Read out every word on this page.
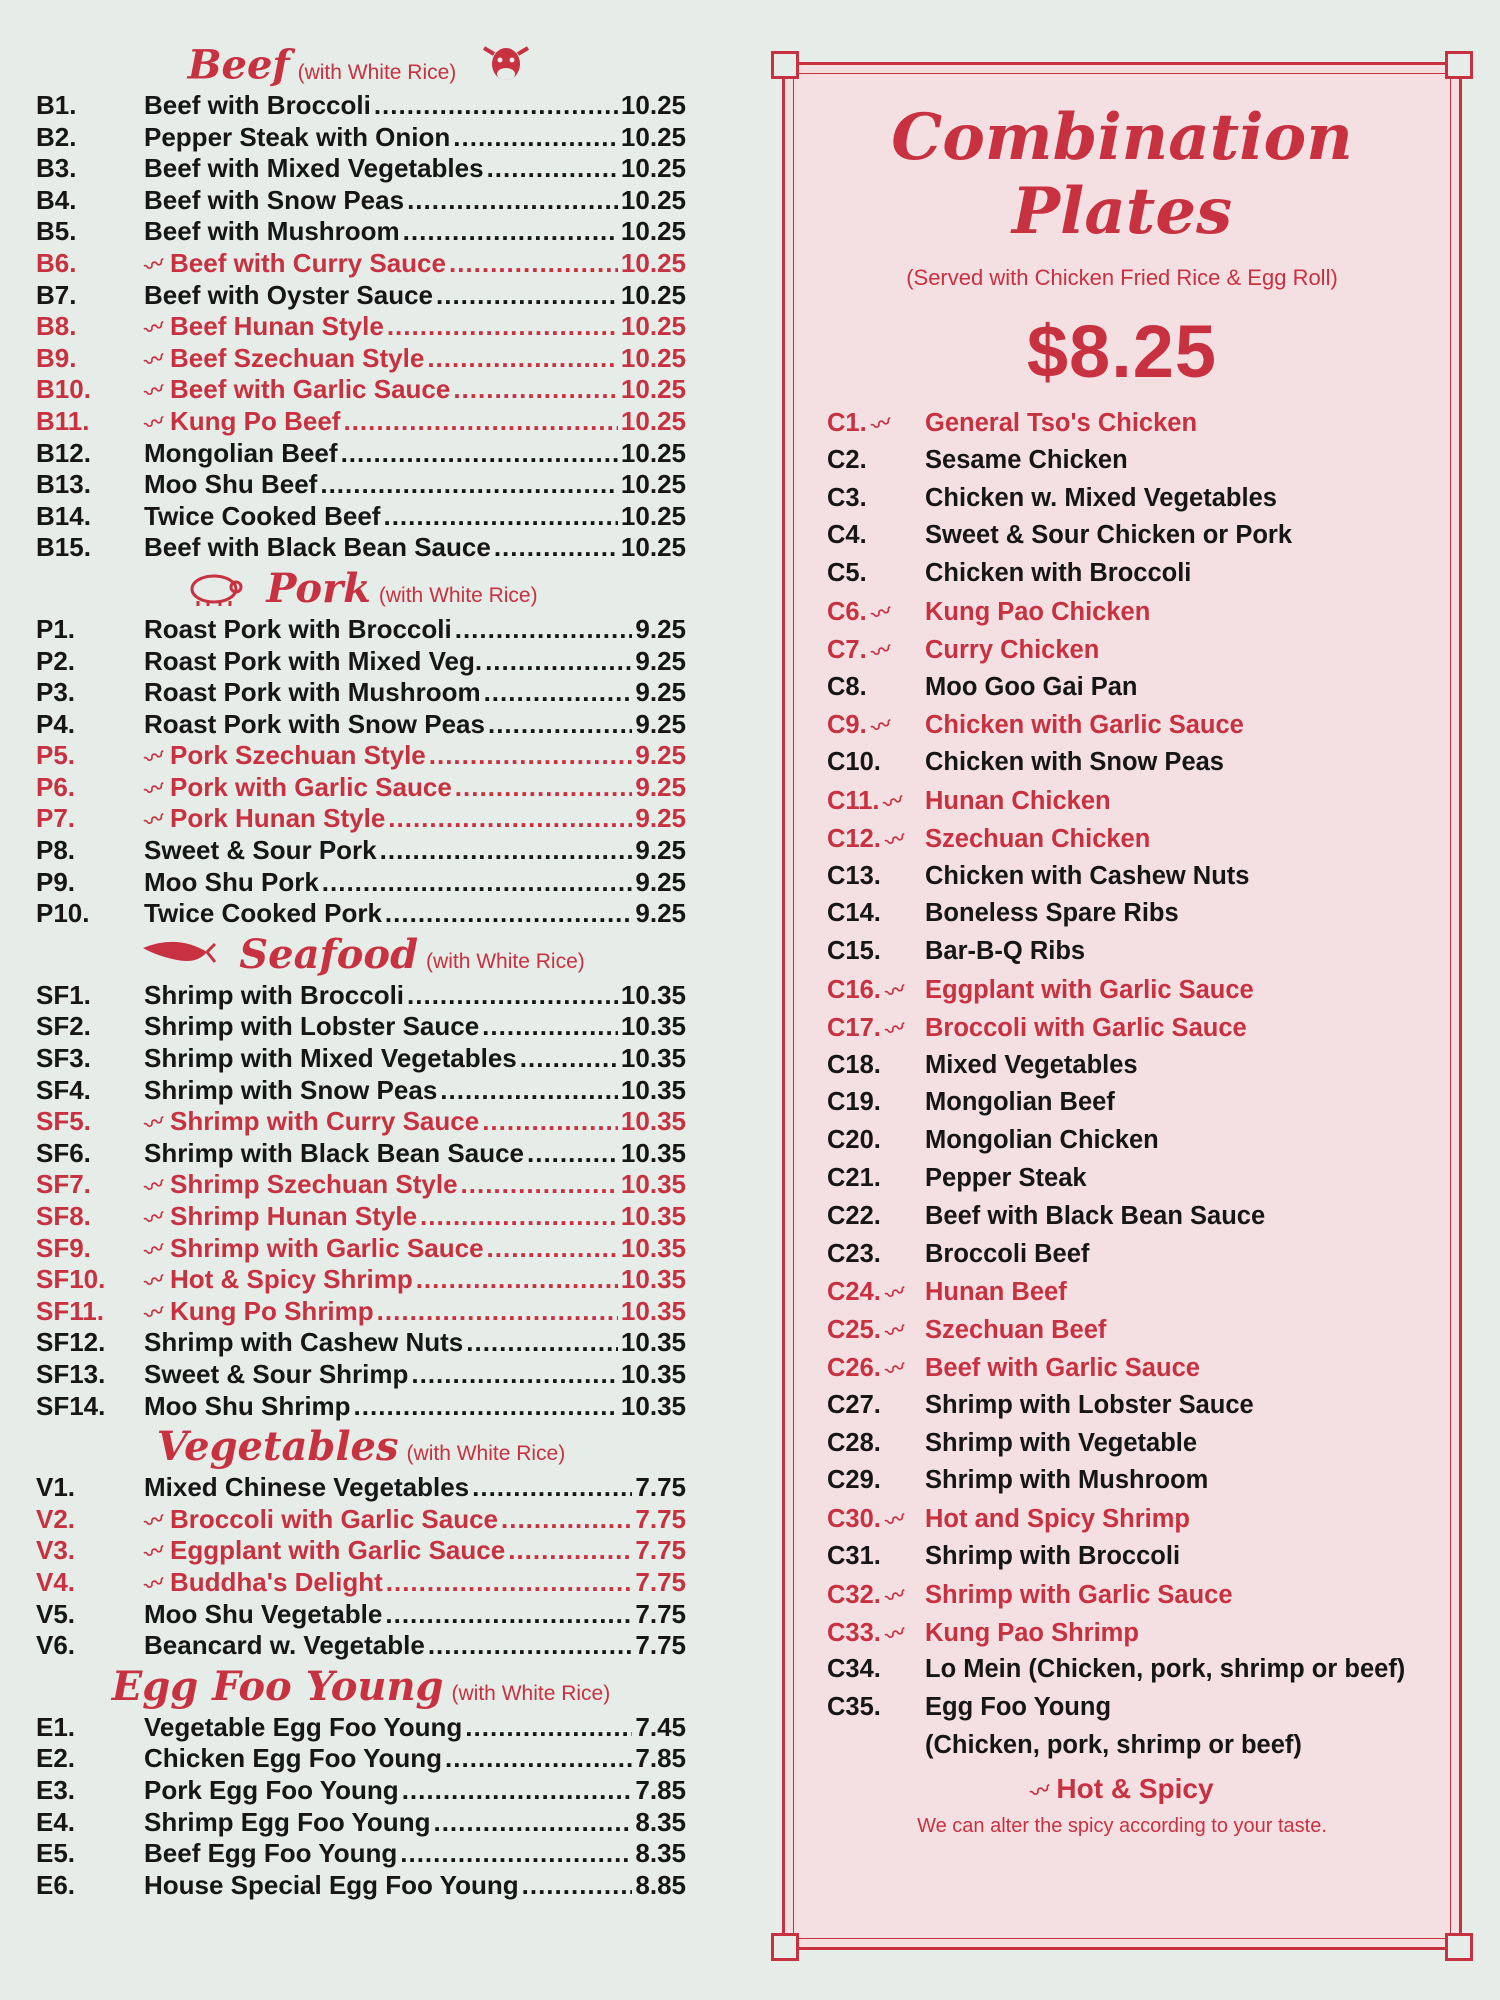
Beef (with White Rice)
B1.	Beef with Broccoli .....	10.25
B2.	Pepper Steak with Onion .....	10.25
B3.	Beef with Mixed Vegetables .....	10.25
B4.	Beef with Snow Peas .....	10.25
B5.	Beef with Mushroom .....	10.25
B6.	〰 Beef with Curry Sauce .....	10.25
B7.	Beef with Oyster Sauce .....	10.25
B8.	〰 Beef Hunan Style .....	10.25
B9.	〰 Beef Szechuan Style .....	10.25
B10.	〰 Beef with Garlic Sauce .....	10.25
B11.	〰 Kung Po Beef .....	10.25
B12.	Mongolian Beef .....	10.25
B13.	Moo Shu Beef .....	10.25
B14.	Twice Cooked Beef .....	10.25
B15.	Beef with Black Bean Sauce .....	10.25
Pork (with White Rice)
P1.	Roast Pork with Broccoli .....	9.25
P2.	Roast Pork with Mixed Veg. .....	9.25
P3.	Roast Pork with Mushroom .....	9.25
P4.	Roast Pork with Snow Peas .....	9.25
P5.	〰 Pork Szechuan Style .....	9.25
P6.	〰 Pork with Garlic Sauce .....	9.25
P7.	〰 Pork Hunan Style .....	9.25
P8.	Sweet & Sour Pork .....	9.25
P9.	Moo Shu Pork .....	9.25
P10.	Twice Cooked Pork .....	9.25
Seafood (with White Rice)
SF1.	Shrimp with Broccoli .....	10.35
SF2.	Shrimp with Lobster Sauce .....	10.35
SF3.	Shrimp with Mixed Vegetables .....	10.35
SF4.	Shrimp with Snow Peas .....	10.35
SF5.	〰 Shrimp with Curry Sauce .....	10.35
SF6.	Shrimp with Black Bean Sauce .....	10.35
SF7.	〰 Shrimp Szechuan Style .....	10.35
SF8.	〰 Shrimp Hunan Style .....	10.35
SF9.	〰 Shrimp with Garlic Sauce .....	10.35
SF10.	〰 Hot & Spicy Shrimp .....	10.35
SF11.	〰 Kung Po Shrimp .....	10.35
SF12.	Shrimp with Cashew Nuts .....	10.35
SF13.	Sweet & Sour Shrimp .....	10.35
SF14.	Moo Shu Shrimp .....	10.35
Vegetables (with White Rice)
V1.	Mixed Chinese Vegetables .....	7.75
V2.	〰 Broccoli with Garlic Sauce .....	7.75
V3.	〰 Eggplant with Garlic Sauce .....	7.75
V4.	〰 Buddha's Delight .....	7.75
V5.	Moo Shu Vegetable .....	7.75
V6.	Beancard w. Vegetable .....	7.75
Egg Foo Young (with White Rice)
E1.	Vegetable Egg Foo Young .....	7.45
E2.	Chicken Egg Foo Young .....	7.85
E3.	Pork Egg Foo Young .....	7.85
E4.	Shrimp Egg Foo Young .....	8.35
E5.	Beef Egg Foo Young .....	8.35
E6.	House Special Egg Foo Young .....	8.85
Combination
Plates
(Served with Chicken Fried Rice & Egg Roll)
$8.25
C1.〰	General Tso's Chicken
C2.	Sesame Chicken
C3.	Chicken w. Mixed Vegetables
C4.	Sweet & Sour Chicken or Pork
C5.	Chicken with Broccoli
C6.〰	Kung Pao Chicken
C7.〰	Curry Chicken
C8.	Moo Goo Gai Pan
C9.〰	Chicken with Garlic Sauce
C10.	Chicken with Snow Peas
C11.〰 Hunan Chicken
C12.〰 Szechuan Chicken
C13.	Chicken with Cashew Nuts
C14.	Boneless Spare Ribs
C15.	Bar-B-Q Ribs
C16.〰 Eggplant with Garlic Sauce
C17.〰 Broccoli with Garlic Sauce
C18.	Mixed Vegetables
C19.	Mongolian Beef
C20.	Mongolian Chicken
C21.	Pepper Steak
C22.	Beef with Black Bean Sauce
C23.	Broccoli Beef
C24.〰 Hunan Beef
C25.〰 Szechuan Beef
C26.〰 Beef with Garlic Sauce
C27.	Shrimp with Lobster Sauce
C28.	Shrimp with Vegetable
C29.	Shrimp with Mushroom
C30.〰 Hot and Spicy Shrimp
C31.	Shrimp with Broccoli
C32.〰 Shrimp with Garlic Sauce
C33.〰 Kung Pao Shrimp
C34.	Lo Mein (Chicken, pork, shrimp or beef)
C35.	Egg Foo Young
(Chicken, pork, shrimp or beef)
〰Hot & Spicy
We can alter the spicy according to your taste.
